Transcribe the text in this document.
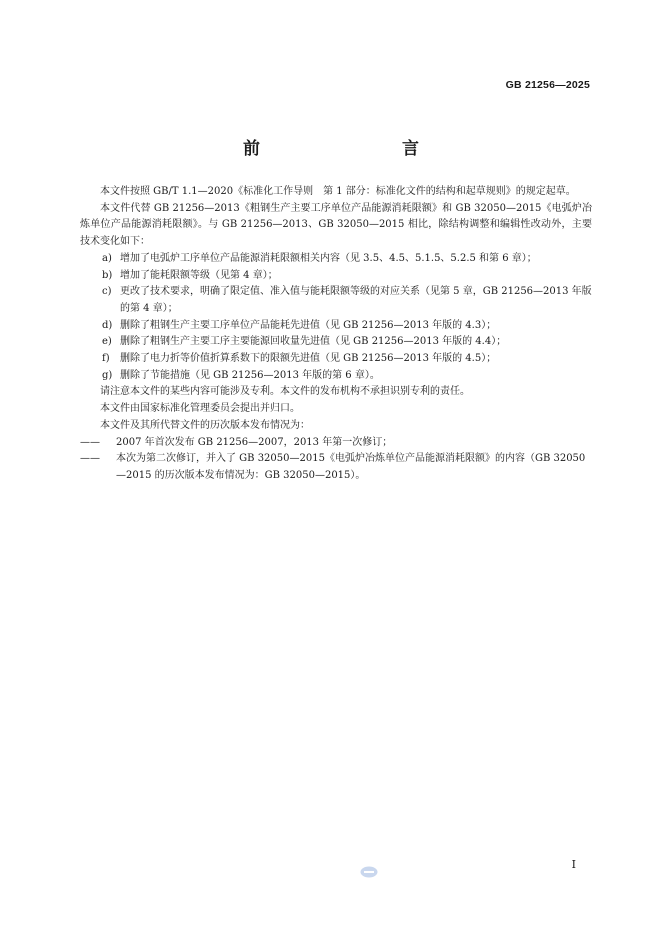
GB 21256—2025
前　　言

本文件按照 GB/T 1.1—2020《标准化工作导则　第 1 部分：标准化文件的结构和起草规则》的规定起草。

本文件代替 GB 21256—2013《粗钢生产主要工序单位产品能源消耗限额》和 GB 32050—2015《电弧炉冶炼单位产品能源消耗限额》。与 GB 21256—2013、GB 32050—2015 相比，除结构调整和编辑性改动外，主要技术变化如下：

a) 增加了电弧炉工序单位产品能源消耗限额相关内容（见 3.5、4.5、5.1.5、5.2.5 和第 6 章）；

b) 增加了能耗限额等级（见第 4 章）；

c) 更改了技术要求，明确了限定值、准入值与能耗限额等级的对应关系（见第 5 章，GB 21256—2013 年版的第 4 章）；

d) 删除了粗钢生产主要工序单位产品能耗先进值（见 GB 21256—2013 年版的 4.3）；

e) 删除了粗钢生产主要工序主要能源回收量先进值（见 GB 21256—2013 年版的 4.4）；

f) 删除了电力折等价值折算系数下的限额先进值（见 GB 21256—2013 年版的 4.5）；

g) 删除了节能措施（见 GB 21256—2013 年版的第 6 章）。

请注意本文件的某些内容可能涉及专利。本文件的发布机构不承担识别专利的责任。

本文件由国家标准化管理委员会提出并归口。

本文件及其所代替文件的历次版本发布情况为：

—— 2007 年首次发布 GB 21256—2007，2013 年第一次修订；

—— 本次为第二次修订，并入了 GB 32050—2015《电弧炉冶炼单位产品能源消耗限额》的内容（GB 32050—2015 的历次版本发布情况为：GB 32050—2015）。

I
